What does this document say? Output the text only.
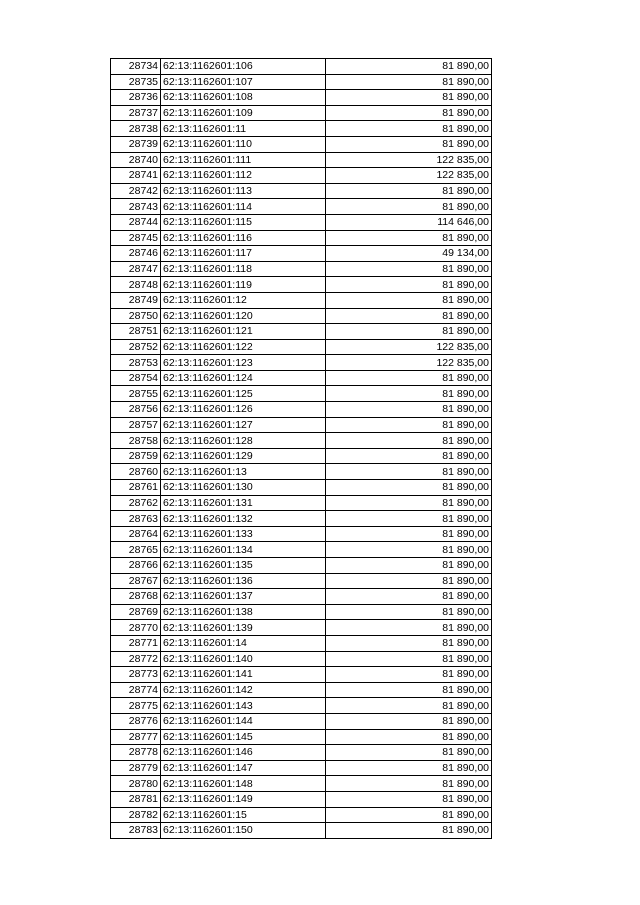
28734	62:13:1162601:106	81 890,00
28735	62:13:1162601:107	81 890,00
28736	62:13:1162601:108	81 890,00
28737	62:13:1162601:109	81 890,00
28738	62:13:1162601:11	81 890,00
28739	62:13:1162601:110	81 890,00
28740	62:13:1162601:111	122 835,00
28741	62:13:1162601:112	122 835,00
28742	62:13:1162601:113	81 890,00
28743	62:13:1162601:114	81 890,00
28744	62:13:1162601:115	114 646,00
28745	62:13:1162601:116	81 890,00
28746	62:13:1162601:117	49 134,00
28747	62:13:1162601:118	81 890,00
28748	62:13:1162601:119	81 890,00
28749	62:13:1162601:12	81 890,00
28750	62:13:1162601:120	81 890,00
28751	62:13:1162601:121	81 890,00
28752	62:13:1162601:122	122 835,00
28753	62:13:1162601:123	122 835,00
28754	62:13:1162601:124	81 890,00
28755	62:13:1162601:125	81 890,00
28756	62:13:1162601:126	81 890,00
28757	62:13:1162601:127	81 890,00
28758	62:13:1162601:128	81 890,00
28759	62:13:1162601:129	81 890,00
28760	62:13:1162601:13	81 890,00
28761	62:13:1162601:130	81 890,00
28762	62:13:1162601:131	81 890,00
28763	62:13:1162601:132	81 890,00
28764	62:13:1162601:133	81 890,00
28765	62:13:1162601:134	81 890,00
28766	62:13:1162601:135	81 890,00
28767	62:13:1162601:136	81 890,00
28768	62:13:1162601:137	81 890,00
28769	62:13:1162601:138	81 890,00
28770	62:13:1162601:139	81 890,00
28771	62:13:1162601:14	81 890,00
28772	62:13:1162601:140	81 890,00
28773	62:13:1162601:141	81 890,00
28774	62:13:1162601:142	81 890,00
28775	62:13:1162601:143	81 890,00
28776	62:13:1162601:144	81 890,00
28777	62:13:1162601:145	81 890,00
28778	62:13:1162601:146	81 890,00
28779	62:13:1162601:147	81 890,00
28780	62:13:1162601:148	81 890,00
28781	62:13:1162601:149	81 890,00
28782	62:13:1162601:15	81 890,00
28783	62:13:1162601:150	81 890,00
